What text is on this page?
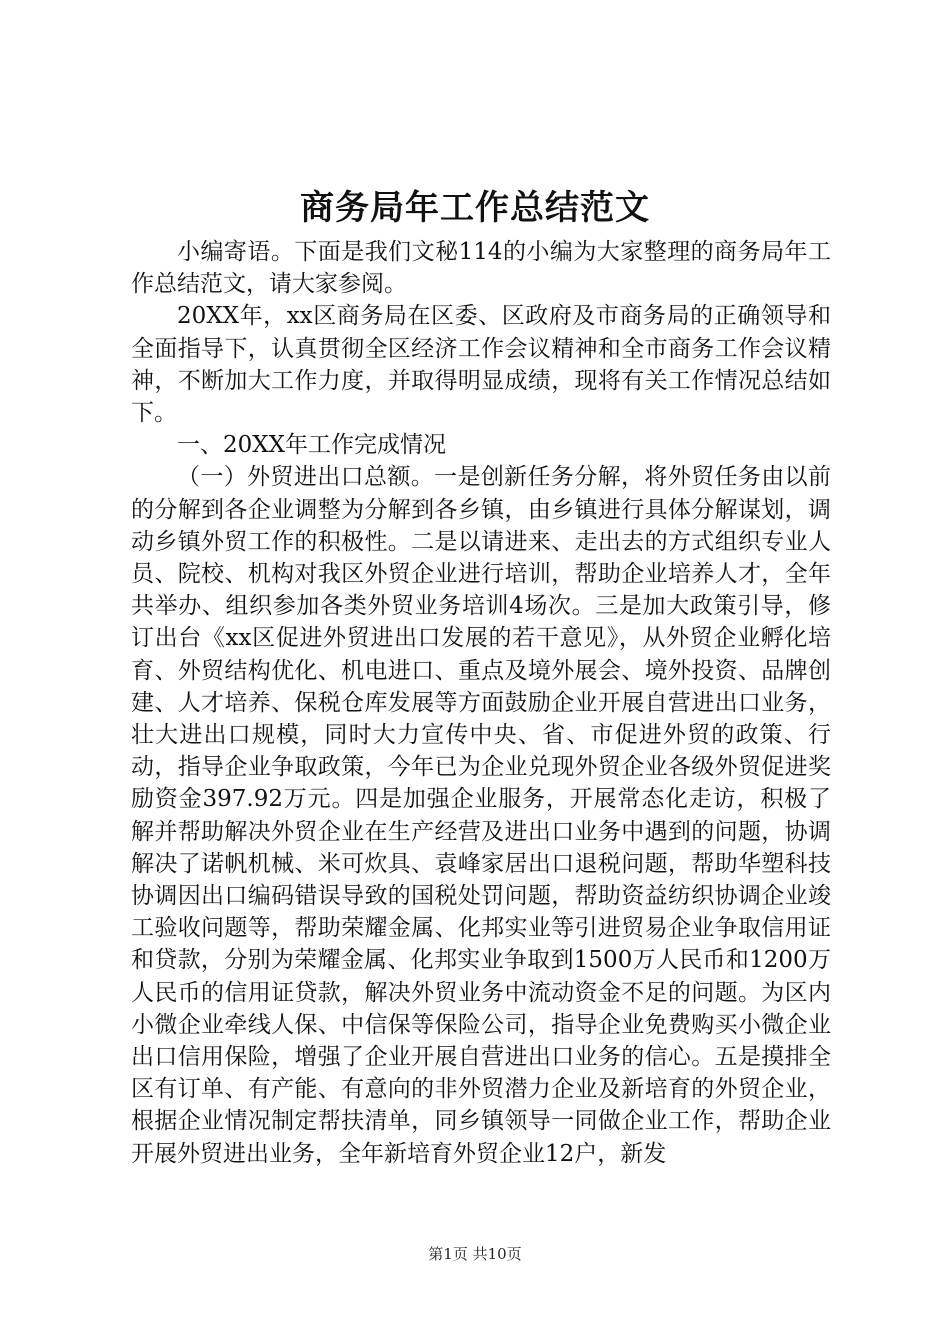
商务局年工作总结范文

小编寄语。下面是我们文秘114的小编为大家整理的商务局年工作总结范文，请大家参阅。

20XX年，xx区商务局在区委、区政府及市商务局的正确领导和全面指导下，认真贯彻全区经济工作会议精神和全市商务工作会议精神，不断加大工作力度，并取得明显成绩，现将有关工作情况总结如下。

一、20XX年工作完成情况

（一）外贸进出口总额。一是创新任务分解，将外贸任务由以前的分解到各企业调整为分解到各乡镇，由乡镇进行具体分解谋划，调动乡镇外贸工作的积极性。二是以请进来、走出去的方式组织专业人员、院校、机构对我区外贸企业进行培训，帮助企业培养人才，全年共举办、组织参加各类外贸业务培训4场次。三是加大政策引导，修订出台《xx区促进外贸进出口发展的若干意见》，从外贸企业孵化培育、外贸结构优化、机电进口、重点及境外展会、境外投资、品牌创建、人才培养、保税仓库发展等方面鼓励企业开展自营进出口业务，壮大进出口规模，同时大力宣传中央、省、市促进外贸的政策、行动，指导企业争取政策，今年已为企业兑现外贸企业各级外贸促进奖励资金397.92万元。四是加强企业服务，开展常态化走访，积极了解并帮助解决外贸企业在生产经营及进出口业务中遇到的问题，协调解决了诺帆机械、米可炊具、袁峰家居出口退税问题，帮助华塑科技协调因出口编码错误导致的国税处罚问题，帮助资益纺织协调企业竣工验收问题等，帮助荣耀金属、化邦实业等引进贸易企业争取信用证和贷款，分别为荣耀金属、化邦实业争取到1500万人民币和1200万人民币的信用证贷款，解决外贸业务中流动资金不足的问题。为区内小微企业牵线人保、中信保等保险公司，指导企业免费购买小微企业出口信用保险，增强了企业开展自营进出口业务的信心。五是摸排全区有订单、有产能、有意向的非外贸潜力企业及新培育的外贸企业，根据企业情况制定帮扶清单，同乡镇领导一同做企业工作，帮助企业开展外贸进出业务，全年新培育外贸企业12户，新发

第1页 共10页
